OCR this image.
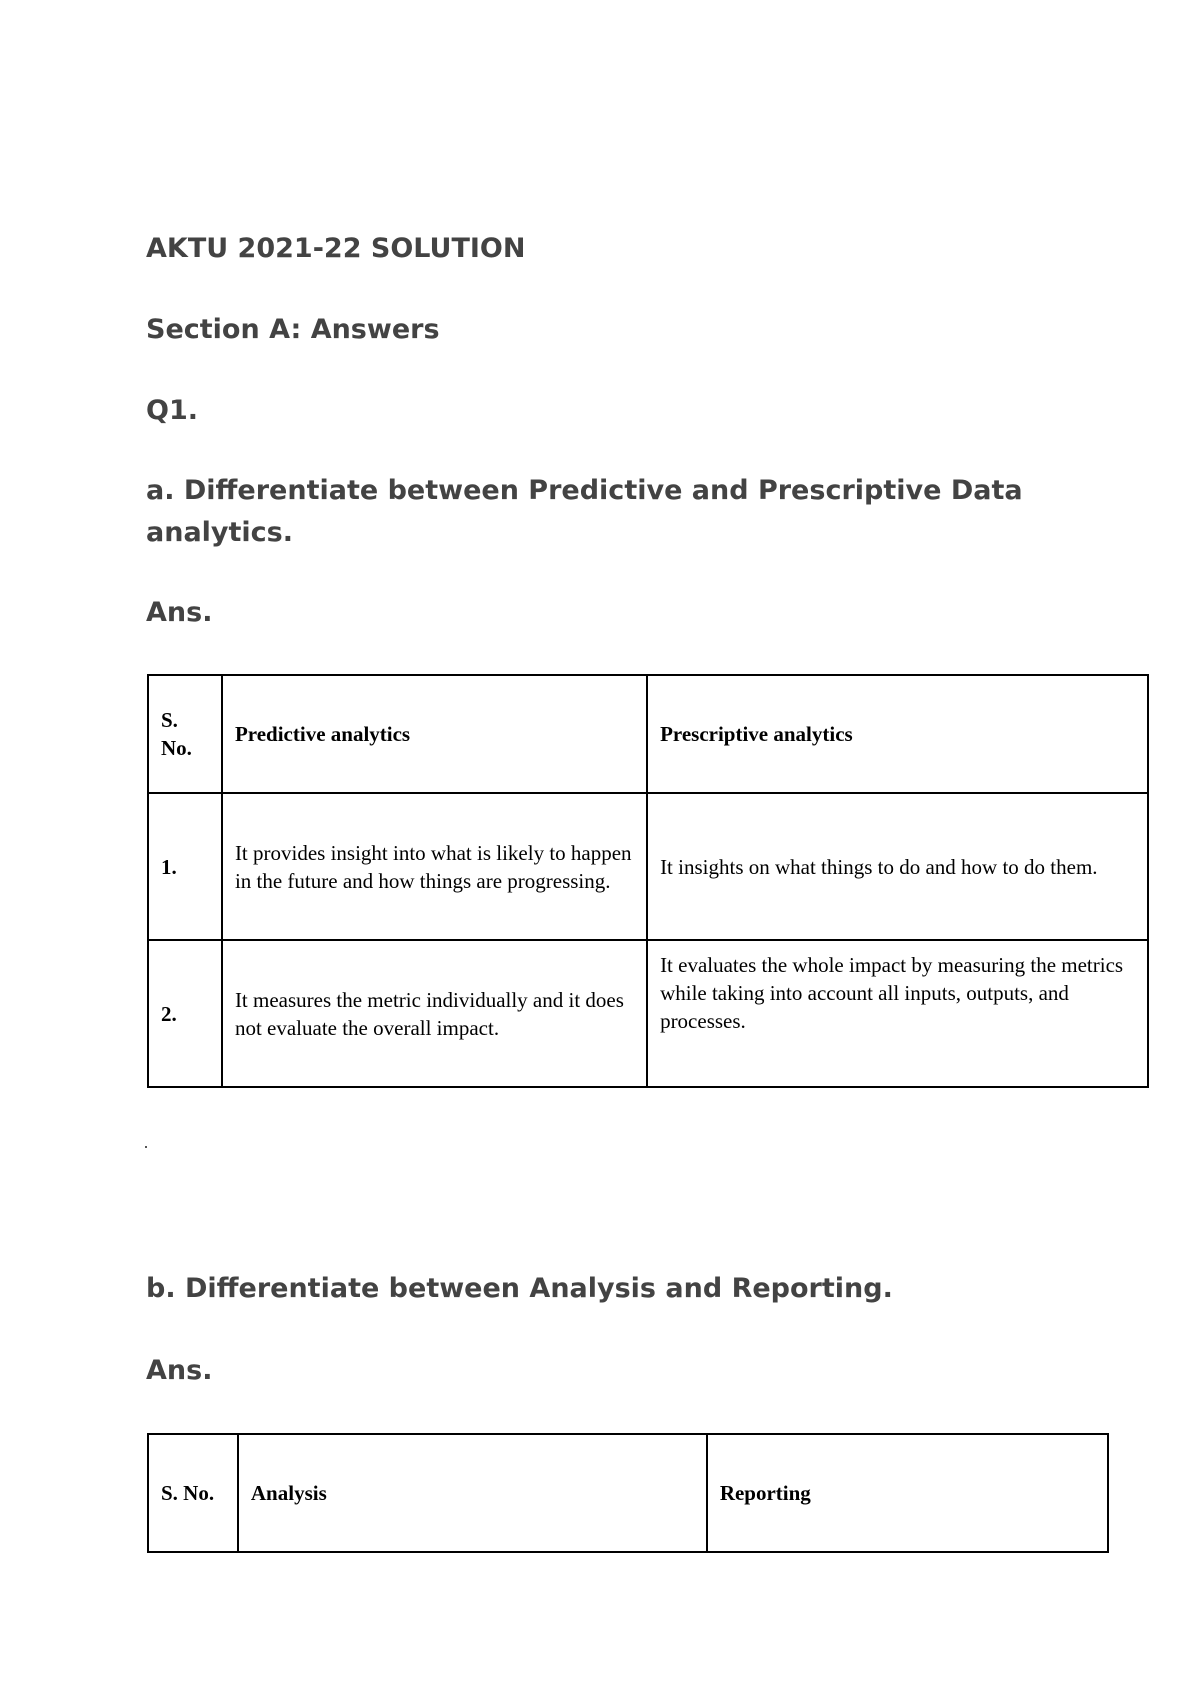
AKTU 2021-22 SOLUTION
Section A: Answers
Q1.
a. Differentiate between Predictive and Prescriptive Data analytics.
Ans.
S. No.	Predictive analytics	Prescriptive analytics
1.	It provides insight into what is likely to happen in the future and how things are progressing.	It insights on what things to do and how to do them.
2.	It measures the metric individually and it does not evaluate the overall impact.	It evaluates the whole impact by measuring the metrics while taking into account all inputs, outputs, and processes.
b. Differentiate between Analysis and Reporting.
Ans.
S. No.	Analysis	Reporting
